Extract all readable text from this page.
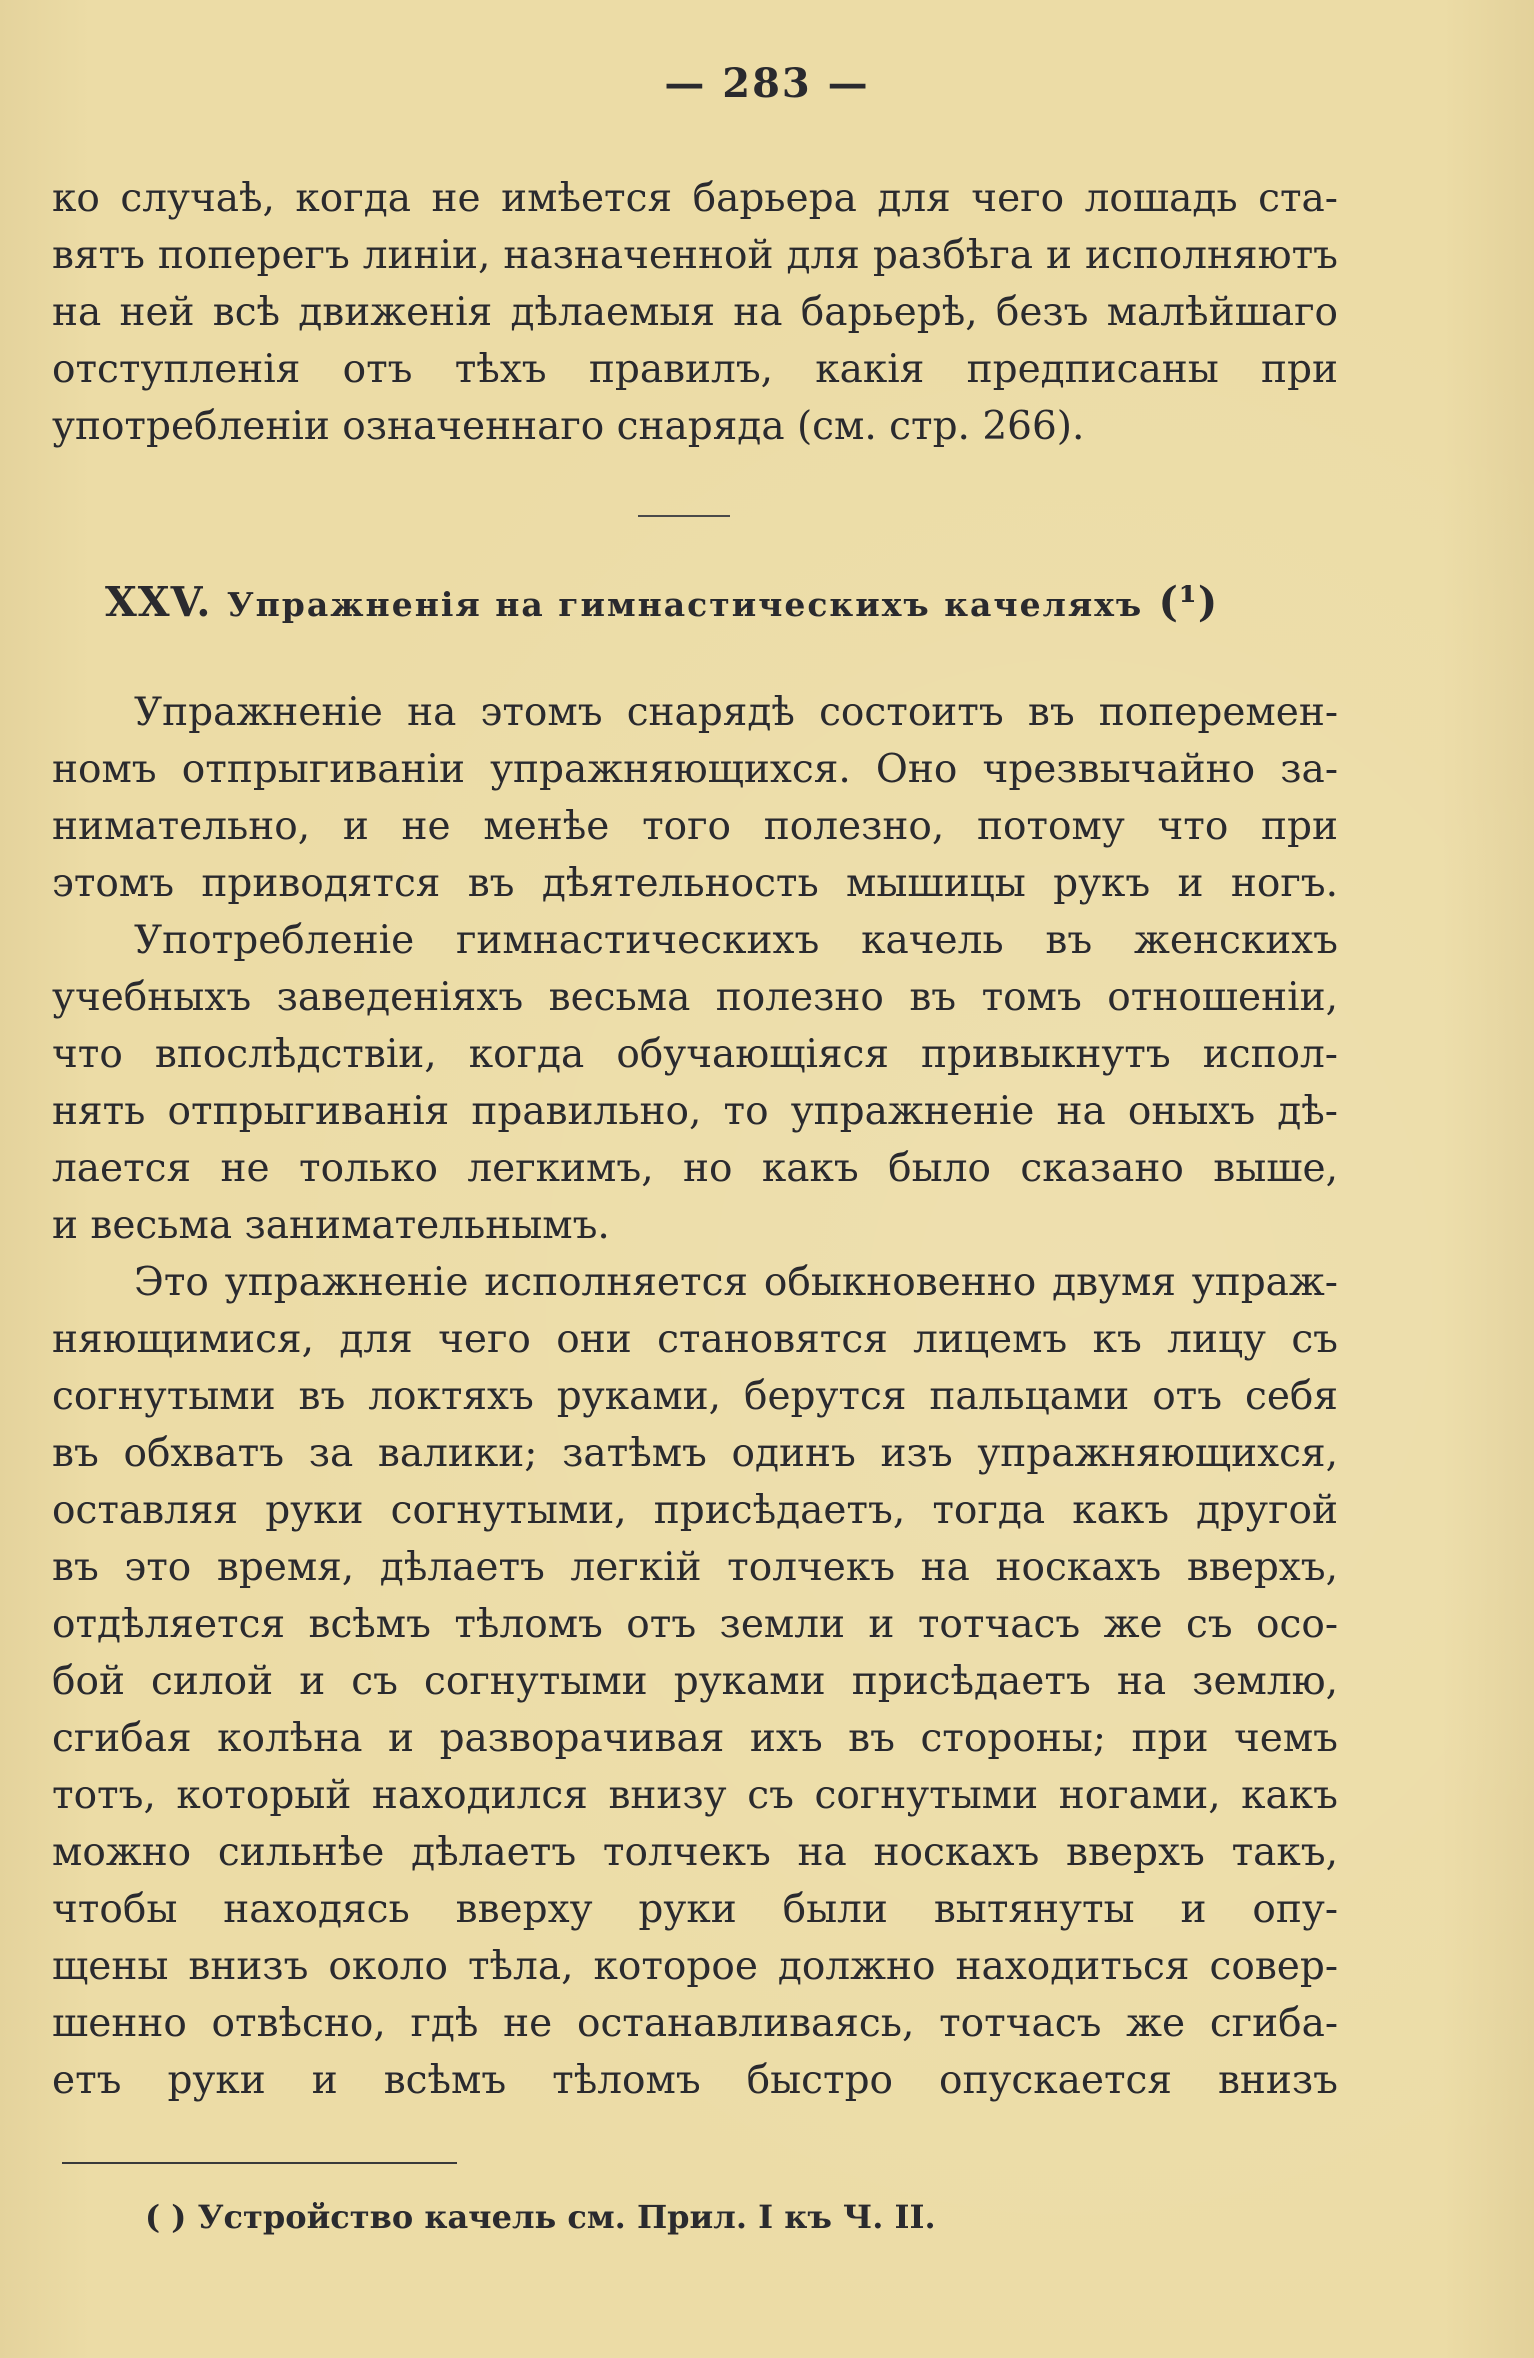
— 283 —
ко случаѣ, когда не имѣется барьера для чего лошадь ста-
вятъ поперегъ линіи, назначенной для разбѣга и исполняютъ
на ней всѣ движенія дѣлаемыя на барьерѣ, безъ малѣйшаго
отступленія отъ тѣхъ правилъ, какія предписаны при
употребленіи означеннаго снаряда (см. стр. 266).
XXV. Упражненія на гимнастическихъ качеляхъ (¹)
Упражненіе на этомъ снарядѣ состоитъ въ поперемен-
номъ отпрыгиваніи упражняющихся. Оно чрезвычайно за-
нимательно, и не менѣе того полезно, потому что при
этомъ приводятся въ дѣятельность мышицы рукъ и ногъ.
Употребленіе гимнастическихъ качель въ женскихъ
учебныхъ заведеніяхъ весьма полезно въ томъ отношеніи,
что впослѣдствіи, когда обучающіяся привыкнутъ испол-
нять отпрыгиванія правильно, то упражненіе на оныхъ дѣ-
лается не только легкимъ, но какъ было сказано выше,
и весьма занимательнымъ.
Это упражненіе исполняется обыкновенно двумя упраж-
няющимися, для чего они становятся лицемъ къ лицу съ
согнутыми въ локтяхъ руками, берутся пальцами отъ себя
въ обхватъ за валики; затѣмъ одинъ изъ упражняющихся,
оставляя руки согнутыми, присѣдаетъ, тогда какъ другой
въ это время, дѣлаетъ легкій толчекъ на носкахъ вверхъ,
отдѣляется всѣмъ тѣломъ отъ земли и тотчасъ же съ осо-
бой силой и съ согнутыми руками присѣдаетъ на землю,
сгибая колѣна и разворачивая ихъ въ стороны; при чемъ
тотъ, который находился внизу съ согнутыми ногами, какъ
можно сильнѣе дѣлаетъ толчекъ на носкахъ вверхъ такъ,
чтобы находясь вверху руки были вытянуты и опу-
щены внизъ около тѣла, которое должно находиться совер-
шенно отвѣсно, гдѣ не останавливаясь, тотчасъ же сгиба-
етъ руки и всѣмъ тѣломъ быстро опускается внизъ
( ) Устройство качель см. Прил. I къ Ч. II.
